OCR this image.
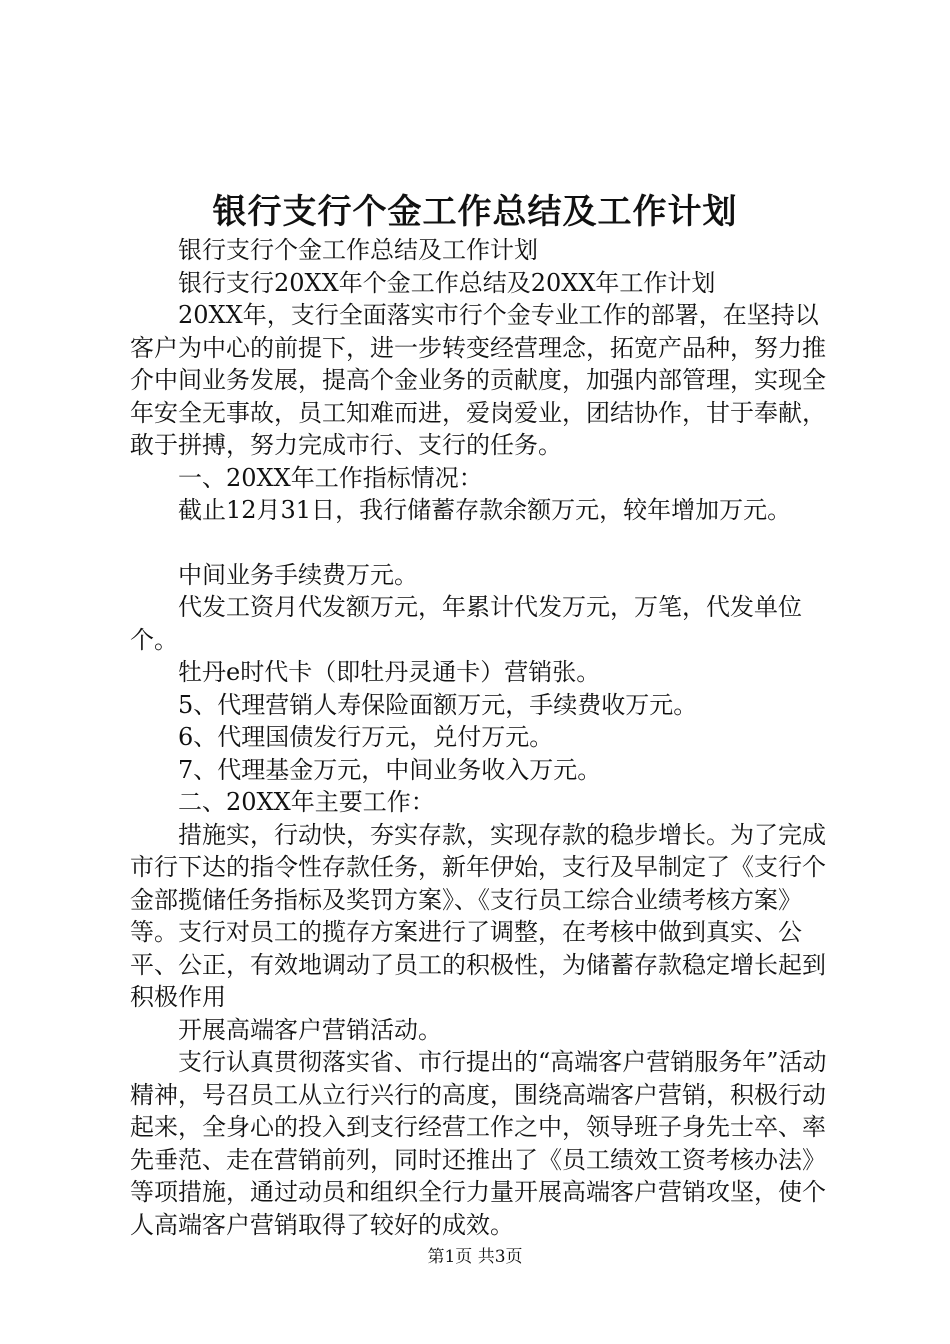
银行支行个金工作总结及工作计划

银行支行个金工作总结及工作计划

银行支行20XX年个金工作总结及20XX年工作计划

20XX年，支行全面落实市行个金专业工作的部署，在坚持以客户为中心的前提下，进一步转变经营理念，拓宽产品种，努力推介中间业务发展，提高个金业务的贡献度，加强内部管理，实现全年安全无事故，员工知难而进，爱岗爱业，团结协作，甘于奉献，敢于拼搏，努力完成市行、支行的任务。

一、20XX年工作指标情况：

截止12月31日，我行储蓄存款余额万元，较年增加万元。

中间业务手续费万元。

代发工资月代发额万元，年累计代发万元，万笔，代发单位个。

牡丹e时代卡（即牡丹灵通卡）营销张。

5、代理营销人寿保险面额万元，手续费收万元。

6、代理国债发行万元，兑付万元。

7、代理基金万元，中间业务收入万元。

二、20XX年主要工作：

措施实，行动快，夯实存款，实现存款的稳步增长。为了完成市行下达的指令性存款任务，新年伊始，支行及早制定了《支行个金部揽储任务指标及奖罚方案》、《支行员工综合业绩考核方案》等。支行对员工的揽存方案进行了调整，在考核中做到真实、公平、公正，有效地调动了员工的积极性，为储蓄存款稳定增长起到积极作用

开展高端客户营销活动。

支行认真贯彻落实省、市行提出的“高端客户营销服务年”活动精神，号召员工从立行兴行的高度，围绕高端客户营销，积极行动起来，全身心的投入到支行经营工作之中，领导班子身先士卒、率先垂范、走在营销前列，同时还推出了《员工绩效工资考核办法》等项措施，通过动员和组织全行力量开展高端客户营销攻坚，使个人高端客户营销取得了较好的成效。

第1页 共3页
